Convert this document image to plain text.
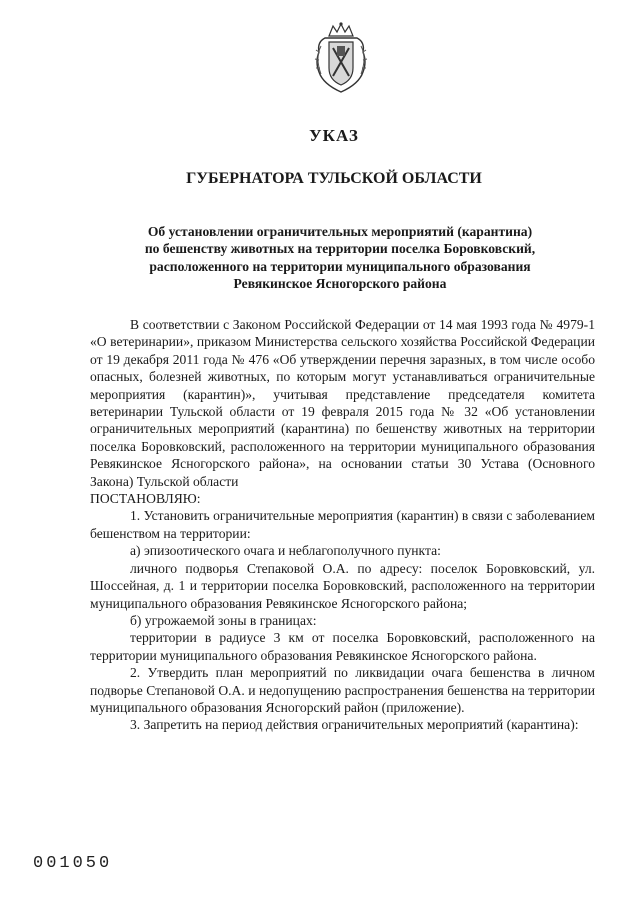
УКАЗ
ГУБЕРНАТОРА ТУЛЬСКОЙ ОБЛАСТИ
Об установлении ограничительных мероприятий (карантина)
по бешенству животных на территории поселка Боровковский,
расположенного на территории муниципального образования
Ревякинское Ясногорского района

В соответствии с Законом Российской Федерации от 14 мая 1993 года № 4979-1 «О ветеринарии», приказом Министерства сельского хозяйства Российской Федерации от 19 декабря 2011 года № 476 «Об утверждении перечня заразных, в том числе особо опасных, болезней животных, по которым могут устанавливаться ограничительные мероприятия (карантин)», учитывая представление председателя комитета ветеринарии Тульской области от 19 февраля 2015 года № 32 «Об установлении ограничительных мероприятий (карантина) по бешенству животных на территории поселка Боровковский, расположенного на территории муниципального образования Ревякинское Ясногорского района», на основании статьи 30 Устава (Основного Закона) Тульской области

ПОСТАНОВЛЯЮ:

1. Установить ограничительные мероприятия (карантин) в связи с заболеванием бешенством на территории:

а) эпизоотического очага и неблагополучного пункта:

личного подворья Степаковой О.А. по адресу: поселок Боровковский, ул. Шоссейная, д. 1 и территории поселка Боровковский, расположенного на территории муниципального образования Ревякинское Ясногорского района;

б) угрожаемой зоны в границах:

территории в радиусе 3 км от поселка Боровковский, расположенного на территории муниципального образования Ревякинское Ясногорского района.

2. Утвердить план мероприятий по ликвидации очага бешенства в личном подворье Степановой О.А. и недопущению распространения бешенства на территории муниципального образования Ясногорский район (приложение).

3. Запретить на период действия ограничительных мероприятий (карантина):

001050
